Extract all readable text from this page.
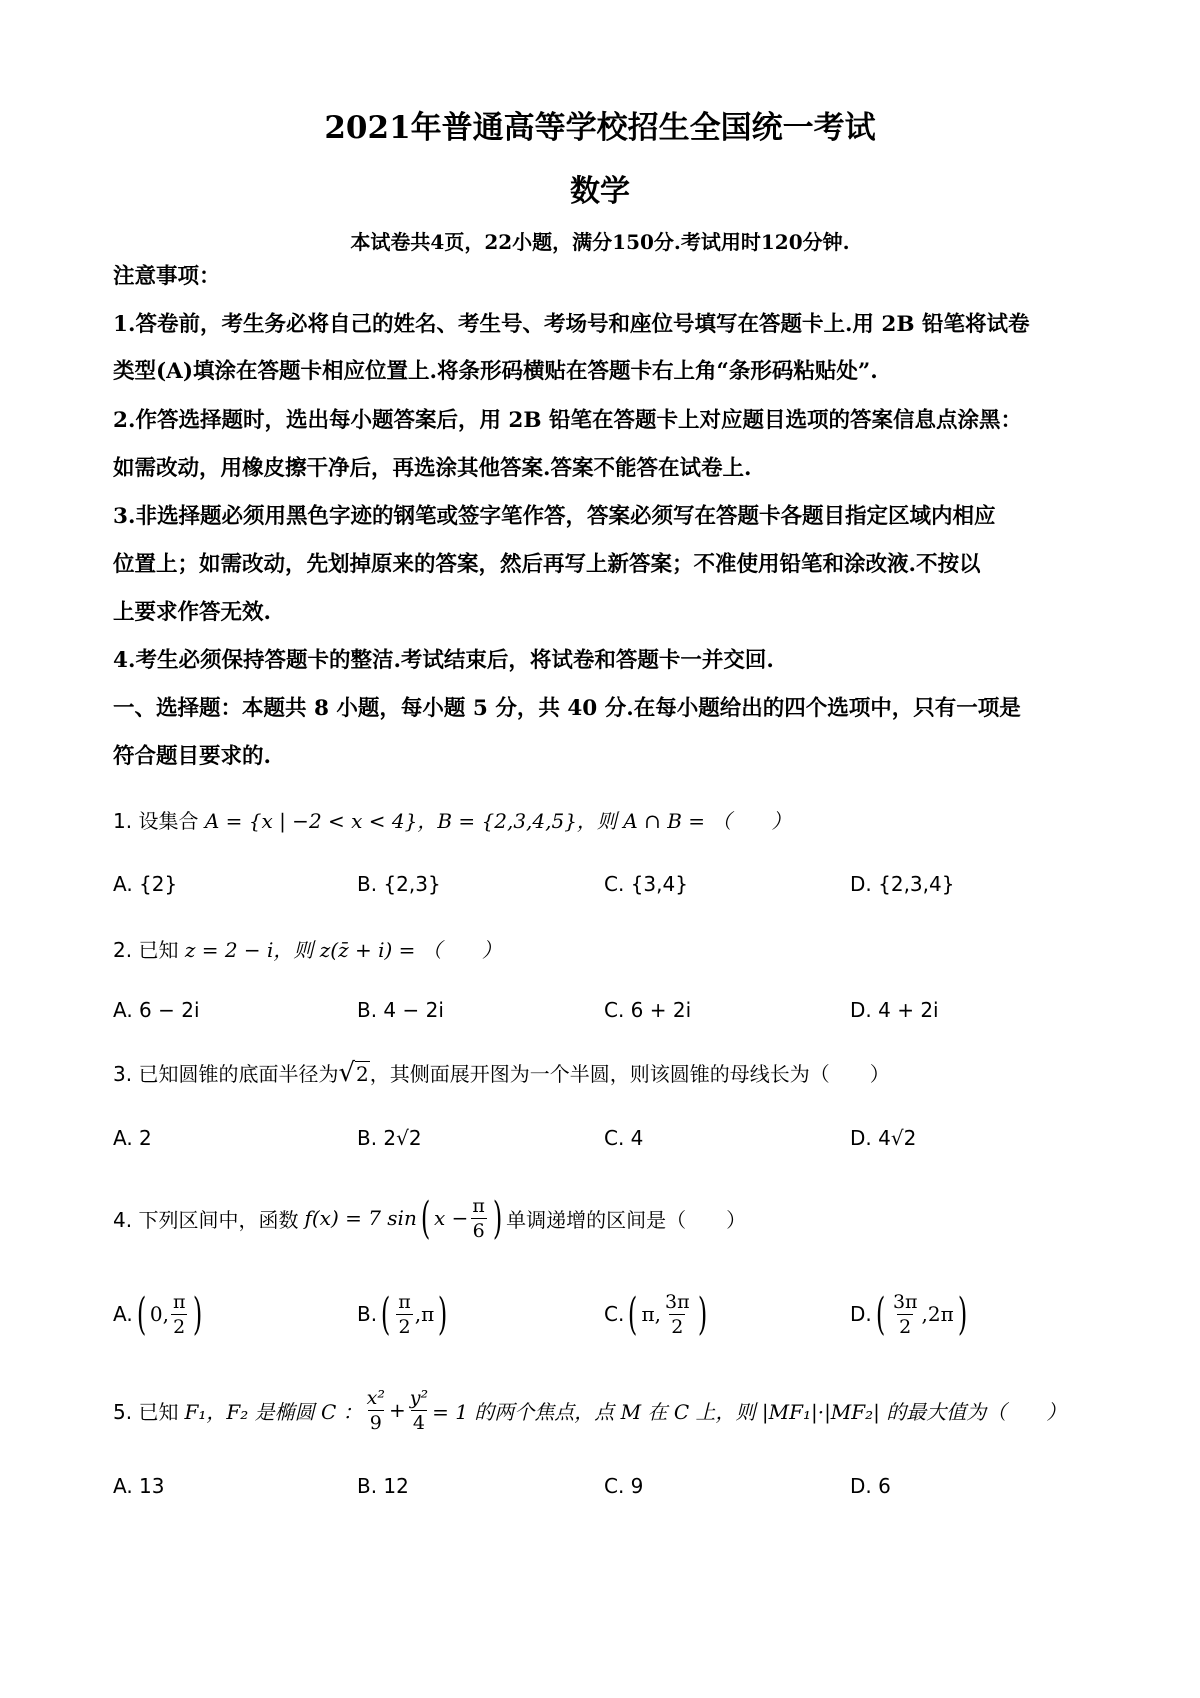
2021年普通高等学校招生全国统一考试
数学
本试卷共4页，22小题，满分150分.考试用时120分钟.
注意事项：
1.答卷前，考生务必将自己的姓名、考生号、考场号和座位号填写在答题卡上.用 2B 铅笔将试卷
类型(A)填涂在答题卡相应位置上.将条形码横贴在答题卡右上角“条形码粘贴处”.
2.作答选择题时，选出每小题答案后，用 2B 铅笔在答题卡上对应题目选项的答案信息点涂黑：
如需改动，用橡皮擦干净后，再选涂其他答案.答案不能答在试卷上.
3.非选择题必须用黑色字迹的钢笔或签字笔作答，答案必须写在答题卡各题目指定区域内相应
位置上；如需改动，先划掉原来的答案，然后再写上新答案；不准使用铅笔和涂改液.不按以
上要求作答无效.
4.考生必须保持答题卡的整洁.考试结束后，将试卷和答题卡一并交回.
一、选择题：本题共 8 小题，每小题 5 分，共 40 分.在每小题给出的四个选项中，只有一项是
符合题目要求的.
1. 设集合 A = {x | −2 < x < 4}，B = {2,3,4,5}，则 A ∩ B = （　　）
A. {2}	B. {2,3}	C. {3,4}	D. {2,3,4}
2. 已知 z = 2 − i，则 z(z̄ + i) = （　　）
A. 6 − 2i	B. 4 − 2i	C. 6 + 2i	D. 4 + 2i
3. 已知圆锥的底面半径为√2，其侧面展开图为一个半圆，则该圆锥的母线长为（　　）
A. 2	B. 2√2	C. 4	D. 4√2
4. 下列区间中，函数 f(x) = 7 sin ( $x - \frac{\pi}{6}$ ) 单调递增的区间是（　　）
A. ( 0, $\frac{\pi}{2}$ )	B. ( $\frac{\pi}{2} ,\pi$ )	C. ( π, $\frac{3\pi}{2}$ )	D. ( $\frac{3\pi}{2} ,2\pi$ )
5. 已知 F₁，F₂ 是椭圆 C ： $\frac{\text{x²}}{9} + \frac{\text{y²}}{4} = 1$ 的两个焦点，点 M 在 C 上，则 |MF₁|·|MF₂| 的最大值为（　　）
A. 13	B. 12	C. 9	D. 6
